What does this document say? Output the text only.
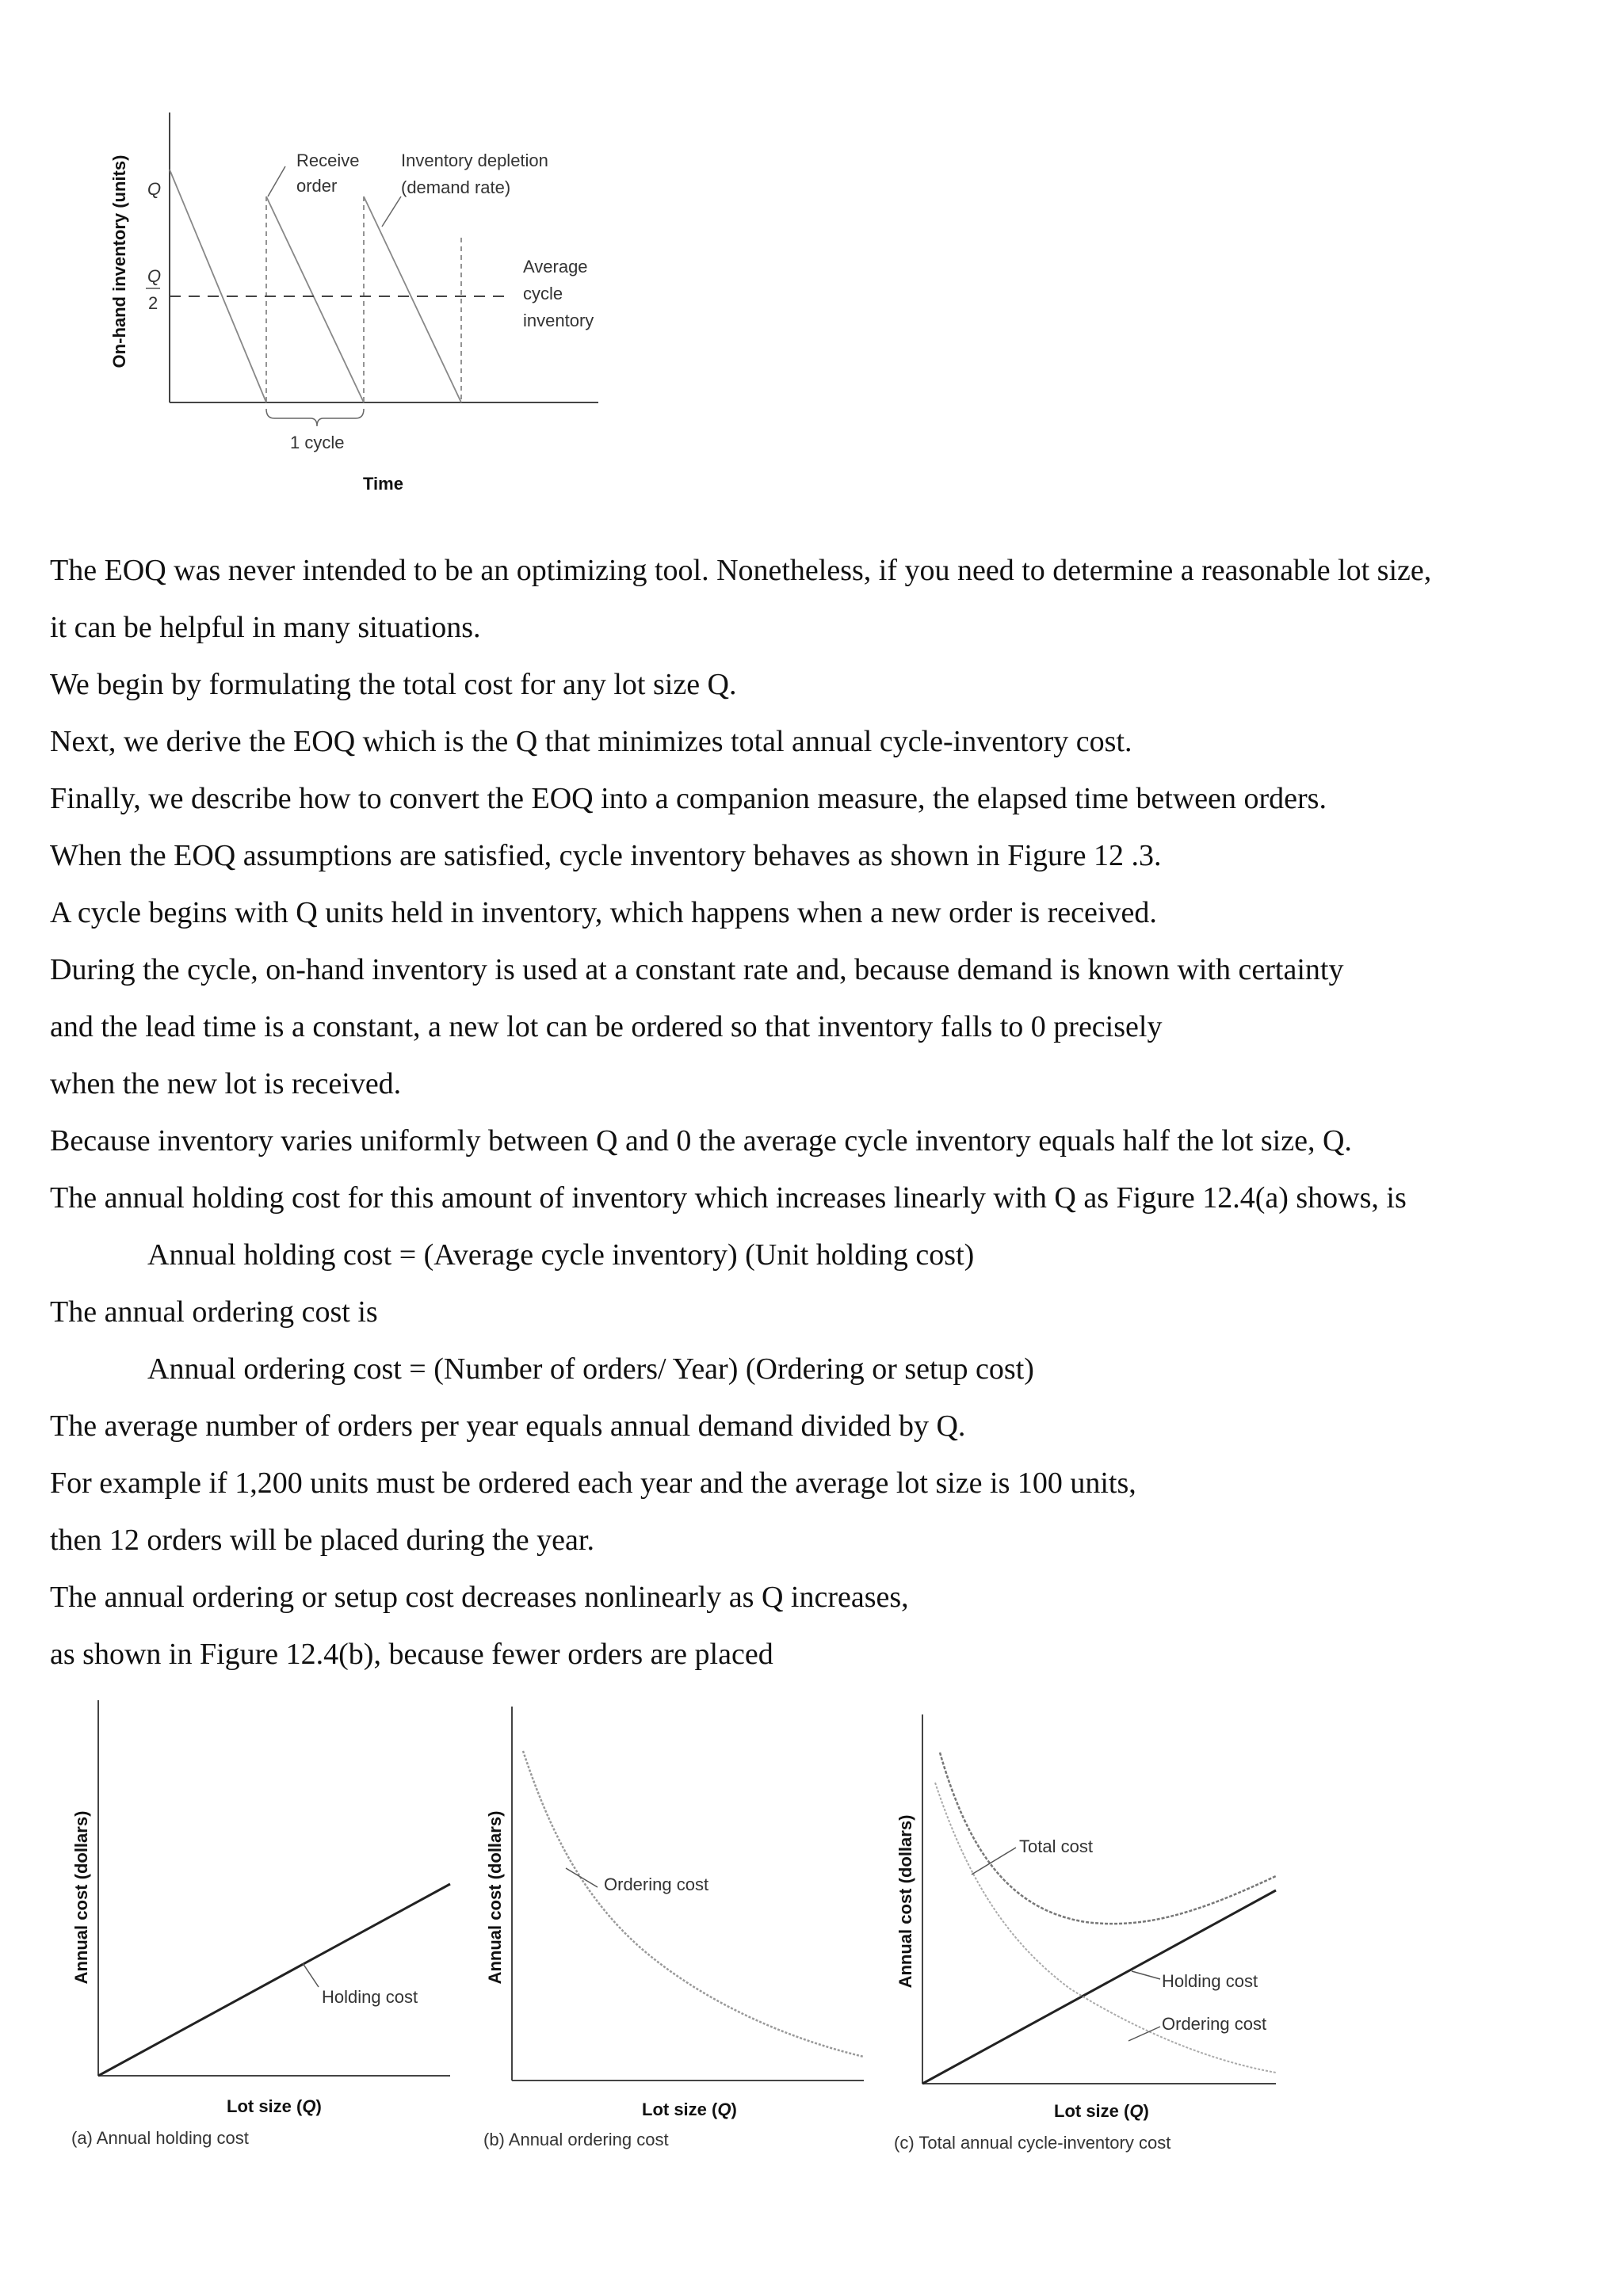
On-hand inventory (units) Q
Q
2
Receive
order
Inventory depletion
(demand rate)
Average
cycle
inventory
1 cycle
Time

The EOQ was never intended to be an optimizing tool. Nonetheless, if you need to determine a reasonable lot size,

it can be helpful in many situations.

We begin by formulating the total cost for any lot size Q.

Next, we derive the EOQ which is the Q that minimizes total annual cycle-inventory cost.

Finally, we describe how to convert the EOQ into a companion measure, the elapsed time between orders.

When the EOQ assumptions are satisfied, cycle inventory behaves as shown in Figure 12 .3.

A cycle begins with Q units held in inventory, which happens when a new order is received.

During the cycle, on-hand inventory is used at a constant rate and, because demand is known with certainty

and the lead time is a constant, a new lot can be ordered so that inventory falls to 0 precisely

when the new lot is received.

Because inventory varies uniformly between Q and 0 the average cycle inventory equals half the lot size, Q.

The annual holding cost for this amount of inventory which increases linearly with Q as Figure 12.4(a) shows, is

Annual holding cost = (Average cycle inventory) (Unit holding cost)

The annual ordering cost is

Annual ordering cost = (Number of orders/ Year) (Ordering or setup cost)

The average number of orders per year equals annual demand divided by Q.

For example if 1,200 units must be ordered each year and the average lot size is 100 units,

then 12 orders will be placed during the year.

The annual ordering or setup cost decreases nonlinearly as Q increases,

as shown in Figure 12.4(b), because fewer orders are placed

Holding cost
Annual cost (dollars)
Lot size (Q)
(a) Annual holding cost
Ordering cost
Annual cost (dollars)
Lot size (Q)
(b) Annual ordering cost
Total cost
Holding cost
Ordering cost
Annual cost (dollars)
Lot size (Q)
(c) Total annual cycle-inventory cost
